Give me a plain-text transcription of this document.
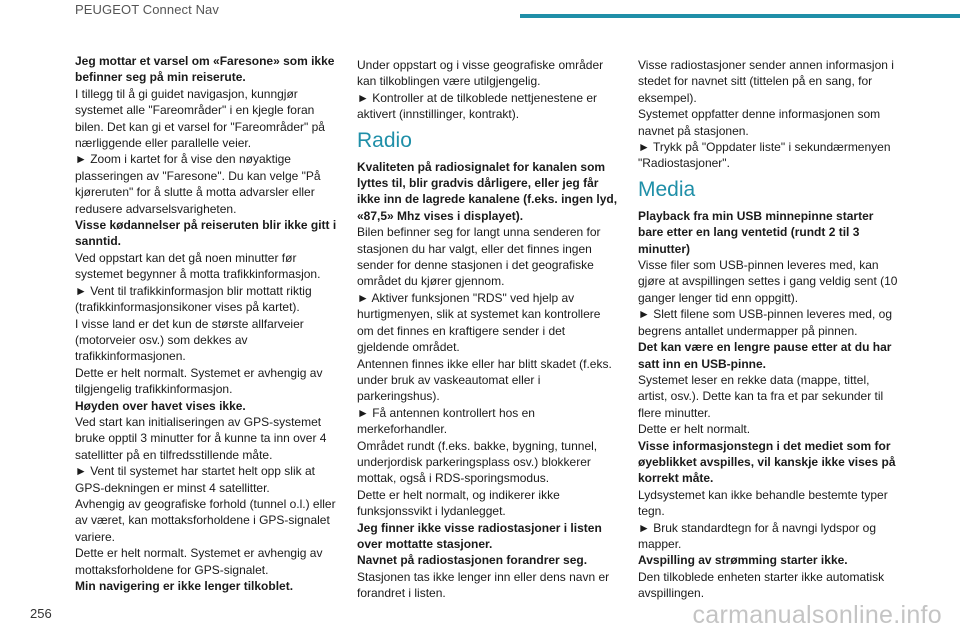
PEUGEOT Connect Nav

Jeg mottar et varsel om «Faresone» som ikke befinner seg på min reiserute.

I tillegg til å gi guidet navigasjon, kunngjør systemet alle "Fareområder" i en kjegle foran bilen. Det kan gi et varsel for "Fareområder" på nærliggende eller parallelle veier.

► Zoom i kartet for å vise den nøyaktige plasseringen av "Faresone". Du kan velge "På kjøreruten" for å slutte å motta advarsler eller redusere advarselsvarigheten.

Visse kødannelser på reiseruten blir ikke gitt i sanntid.

Ved oppstart kan det gå noen minutter før systemet begynner å motta trafikkinformasjon.

► Vent til trafikkinformasjon blir mottatt riktig (trafikkinformasjonsikoner vises på kartet).

I visse land er det kun de største allfarveier (motorveier osv.) som dekkes av trafikkinformasjonen.

Dette er helt normalt. Systemet er avhengig av tilgjengelig trafikkinformasjon.

Høyden over havet vises ikke.

Ved start kan initialiseringen av GPS-systemet bruke opptil 3 minutter for å kunne ta inn over 4 satellitter på en tilfredsstillende måte.

► Vent til systemet har startet helt opp slik at GPS-dekningen er minst 4 satellitter.

Avhengig av geografiske forhold (tunnel o.l.) eller av været, kan mottaksforholdene i GPS-signalet variere.

Dette er helt normalt. Systemet er avhengig av mottaksforholdene for GPS-signalet.

Min navigering er ikke lenger tilkoblet.

Under oppstart og i visse geografiske områder kan tilkoblingen være utilgjengelig.

► Kontroller at de tilkoblede nettjenestene er aktivert (innstillinger, kontrakt).

Radio

Kvaliteten på radiosignalet for kanalen som lyttes til, blir gradvis dårligere, eller jeg får ikke inn de lagrede kanalene (f.eks. ingen lyd, «87,5» Mhz vises i displayet).

Bilen befinner seg for langt unna senderen for stasjonen du har valgt, eller det finnes ingen sender for denne stasjonen i det geografiske området du kjører gjennom.

► Aktiver funksjonen "RDS" ved hjelp av hurtigmenyen, slik at systemet kan kontrollere om det finnes en kraftigere sender i det gjeldende området.

Antennen finnes ikke eller har blitt skadet (f.eks. under bruk av vaskeautomat eller i parkeringshus).

► Få antennen kontrollert hos en merkeforhandler.

Området rundt (f.eks. bakke, bygning, tunnel, underjordisk parkeringsplass osv.) blokkerer mottak, også i RDS-sporingsmodus.

Dette er helt normalt, og indikerer ikke funksjonssvikt i lydanlegget.

Jeg finner ikke visse radiostasjoner i listen over mottatte stasjoner.

Navnet på radiostasjonen forandrer seg.

Stasjonen tas ikke lenger inn eller dens navn er forandret i listen.

Visse radiostasjoner sender annen informasjon i stedet for navnet sitt (tittelen på en sang, for eksempel).

Systemet oppfatter denne informasjonen som navnet på stasjonen.

► Trykk på "Oppdater liste" i sekundærmenyen "Radiostasjoner".

Media

Playback fra min USB minnepinne starter bare etter en lang ventetid (rundt 2 til 3 minutter)

Visse filer som USB-pinnen leveres med, kan gjøre at avspillingen settes i gang veldig sent (10 ganger lenger tid enn oppgitt).

► Slett filene som USB-pinnen leveres med, og begrens antallet undermapper på pinnen.

Det kan være en lengre pause etter at du har satt inn en USB-pinne.

Systemet leser en rekke data (mappe, tittel, artist, osv.). Dette kan ta fra et par sekunder til flere minutter.

Dette er helt normalt.

Visse informasjonstegn i det mediet som for øyeblikket avspilles, vil kanskje ikke vises på korrekt måte.

Lydsystemet kan ikke behandle bestemte typer tegn.

► Bruk standardtegn for å navngi lydspor og mapper.

Avspilling av strømming starter ikke.

Den tilkoblede enheten starter ikke automatisk avspillingen.

256	carmanualsonline.info
